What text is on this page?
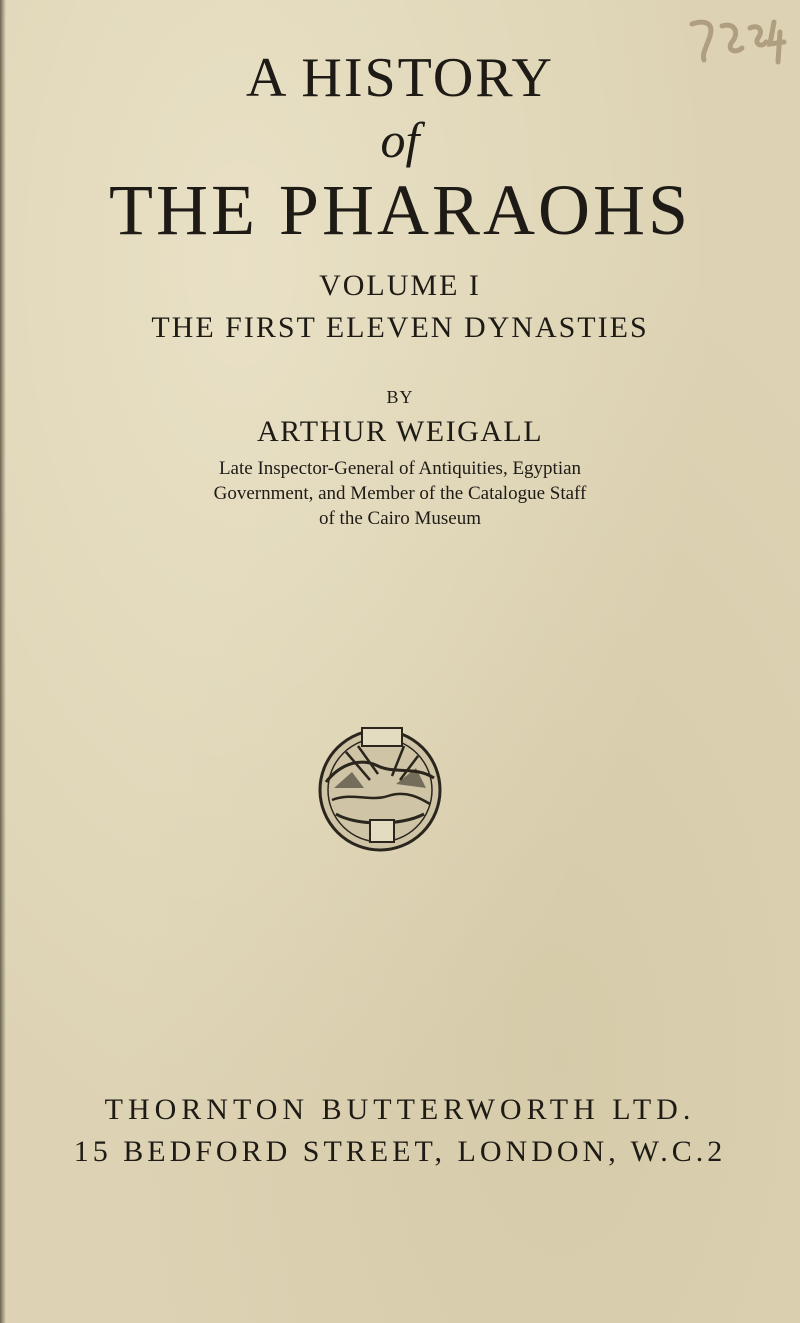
A HISTORY
of
THE PHARAOHS
VOLUME I
THE FIRST ELEVEN DYNASTIES
BY
ARTHUR WEIGALL
Late Inspector-General of Antiquities, Egyptian
Government, and Member of the Catalogue Staff
of the Cairo Museum
THORNTON BUTTERWORTH LTD.
15 BEDFORD STREET, LONDON, W.C.2
